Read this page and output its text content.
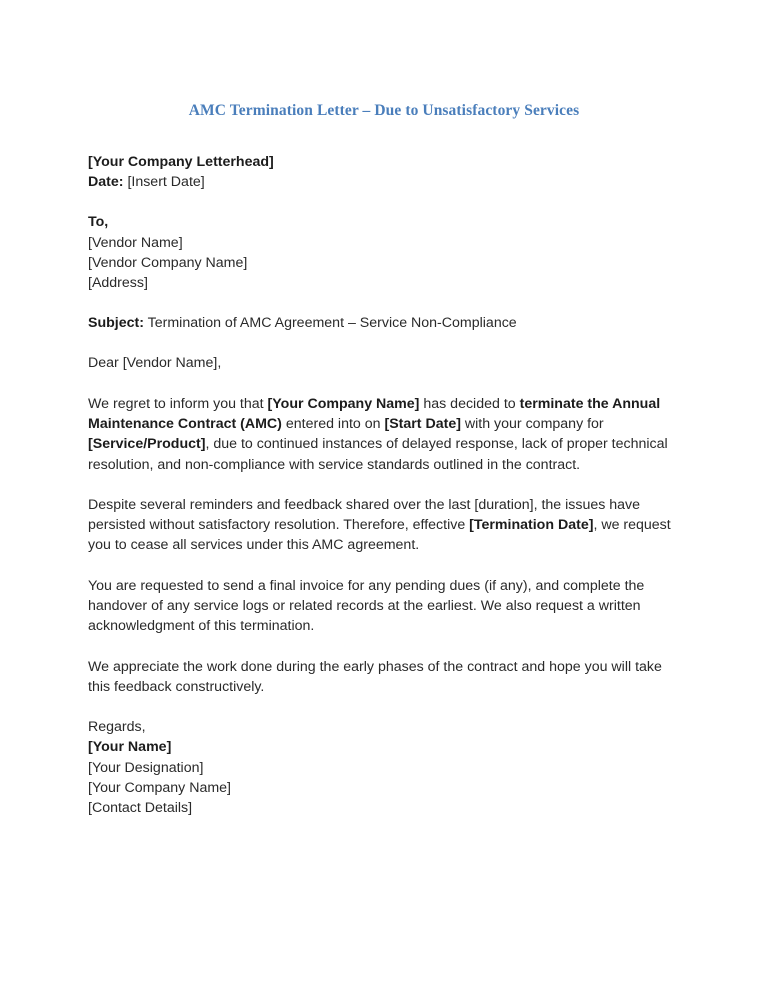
AMC Termination Letter – Due to Unsatisfactory Services

[Your Company Letterhead]

Date: [Insert Date]

To,

[Vendor Name]

[Vendor Company Name]

[Address]

Subject: Termination of AMC Agreement – Service Non-Compliance

Dear [Vendor Name],

We regret to inform you that [Your Company Name] has decided to terminate the Annual Maintenance Contract (AMC) entered into on [Start Date] with your company for [Service/Product], due to continued instances of delayed response, lack of proper technical resolution, and non-compliance with service standards outlined in the contract.

Despite several reminders and feedback shared over the last [duration], the issues have persisted without satisfactory resolution. Therefore, effective [Termination Date], we request you to cease all services under this AMC agreement.

You are requested to send a final invoice for any pending dues (if any), and complete the handover of any service logs or related records at the earliest. We also request a written acknowledgment of this termination.

We appreciate the work done during the early phases of the contract and hope you will take this feedback constructively.

Regards,

[Your Name]

[Your Designation]

[Your Company Name]

[Contact Details]
